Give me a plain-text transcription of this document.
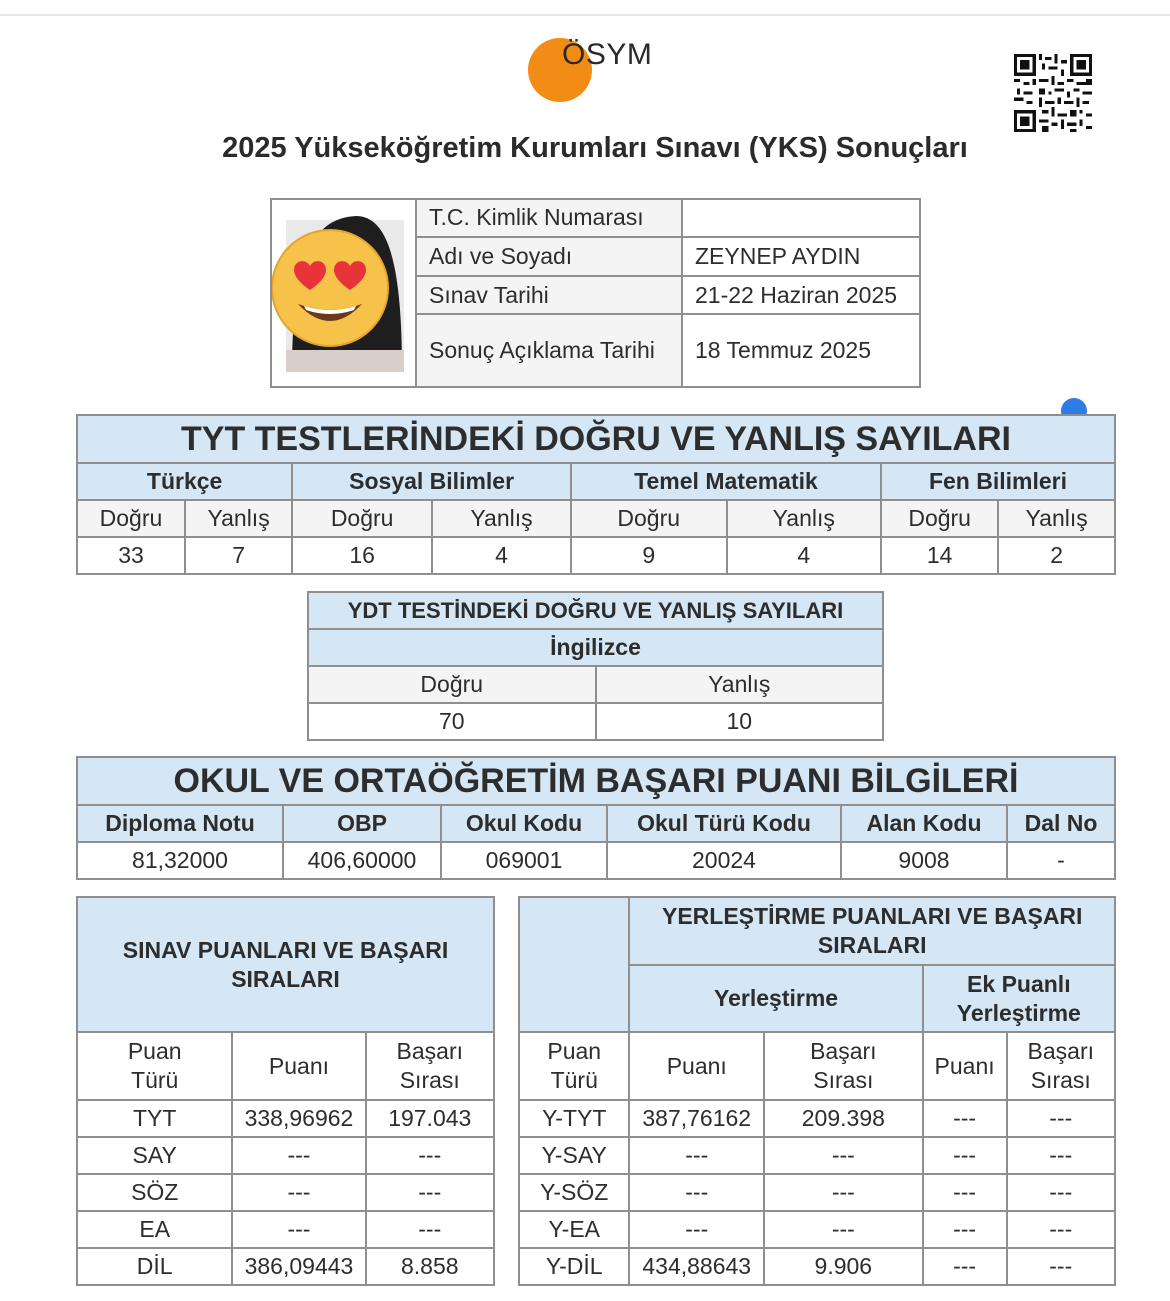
ÖSYM
2025 Yükseköğretim Kurumları Sınavı (YKS) Sonuçları
	T.C. Kimlik Numarası	
	Adı ve Soyadı	ZEYNEP AYDIN
	Sınav Tarihi	21-22 Haziran 2025
	Sonuç Açıklama Tarihi	18 Temmuz 2025
TYT TESTLERİNDEKİ DOĞRU VE YANLIŞ SAYILARI							
Türkçe		Sosyal Bilimler		Temel Matematik		Fen Bilimleri	
Doğru	Yanlış	Doğru	Yanlış	Doğru	Yanlış	Doğru	Yanlış
33	7	16	4	9	4	14	2
YDT TESTİNDEKİ DOĞRU VE YANLIŞ SAYILARI	
İngilizce	
Doğru	Yanlış
70	10
OKUL VE ORTAÖĞRETİM BAŞARI PUANI BİLGİLERİ					
Diploma Notu	OBP	Okul Kodu	Okul Türü Kodu	Alan Kodu	Dal No
81,32000	406,60000	069001	20024	9008	-
SINAV PUANLARI VE BAŞARI SIRALARI		
Puan Türü	Puanı	Başarı Sırası
TYT	338,96962	197.043
SAY	---	---
SÖZ	---	---
EA	---	---
DİL	386,09443	8.858
	YERLEŞTİRME PUANLARI VE BAŞARI SIRALARI			
	Yerleştirme		Ek Puanlı Yerleştirme	
Puan Türü	Puanı	Başarı Sırası	Puanı	Başarı Sırası
Y-TYT	387,76162	209.398	---	---
Y-SAY	---	---	---	---
Y-SÖZ	---	---	---	---
Y-EA	---	---	---	---
Y-DİL	434,88643	9.906	---	---
